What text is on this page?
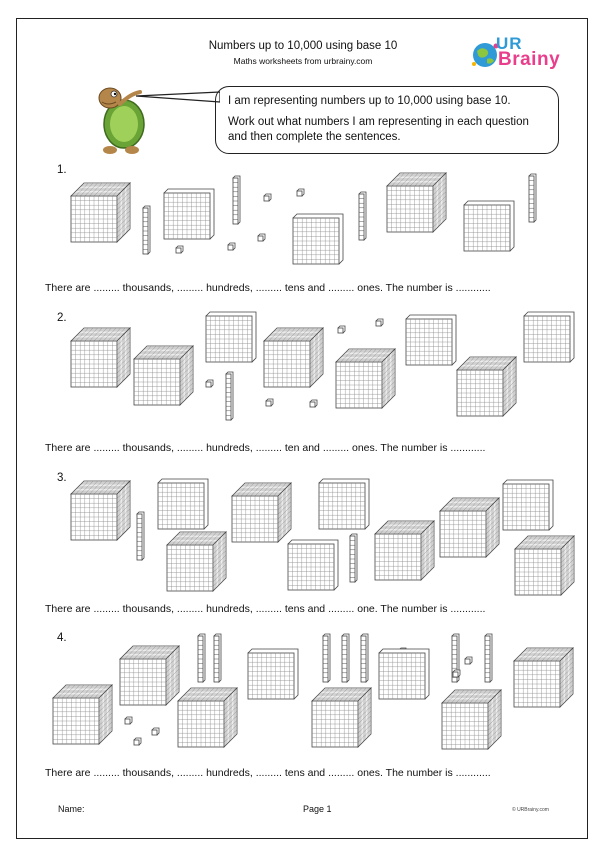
Numbers up to 10,000 using base 10
Maths worksheets from urbrainy.com
UR
Brainy
I am representing numbers up to 10,000 using base 10.
Work out what numbers I am representing in each question and then complete the sentences.
1.
2.
3.
4.
There are ......... thousands, ......... hundreds, ......... tens and ......... ones. The number is ............
There are ......... thousands, ......... hundreds, ......... ten and ......... ones. The number is ............
There are ......... thousands, ......... hundreds, ......... tens and ......... one. The number is ............
There are ......... thousands, ......... hundreds, ......... tens and ......... ones. The number is ............
Name:	Page 1	© URBrainy.com
